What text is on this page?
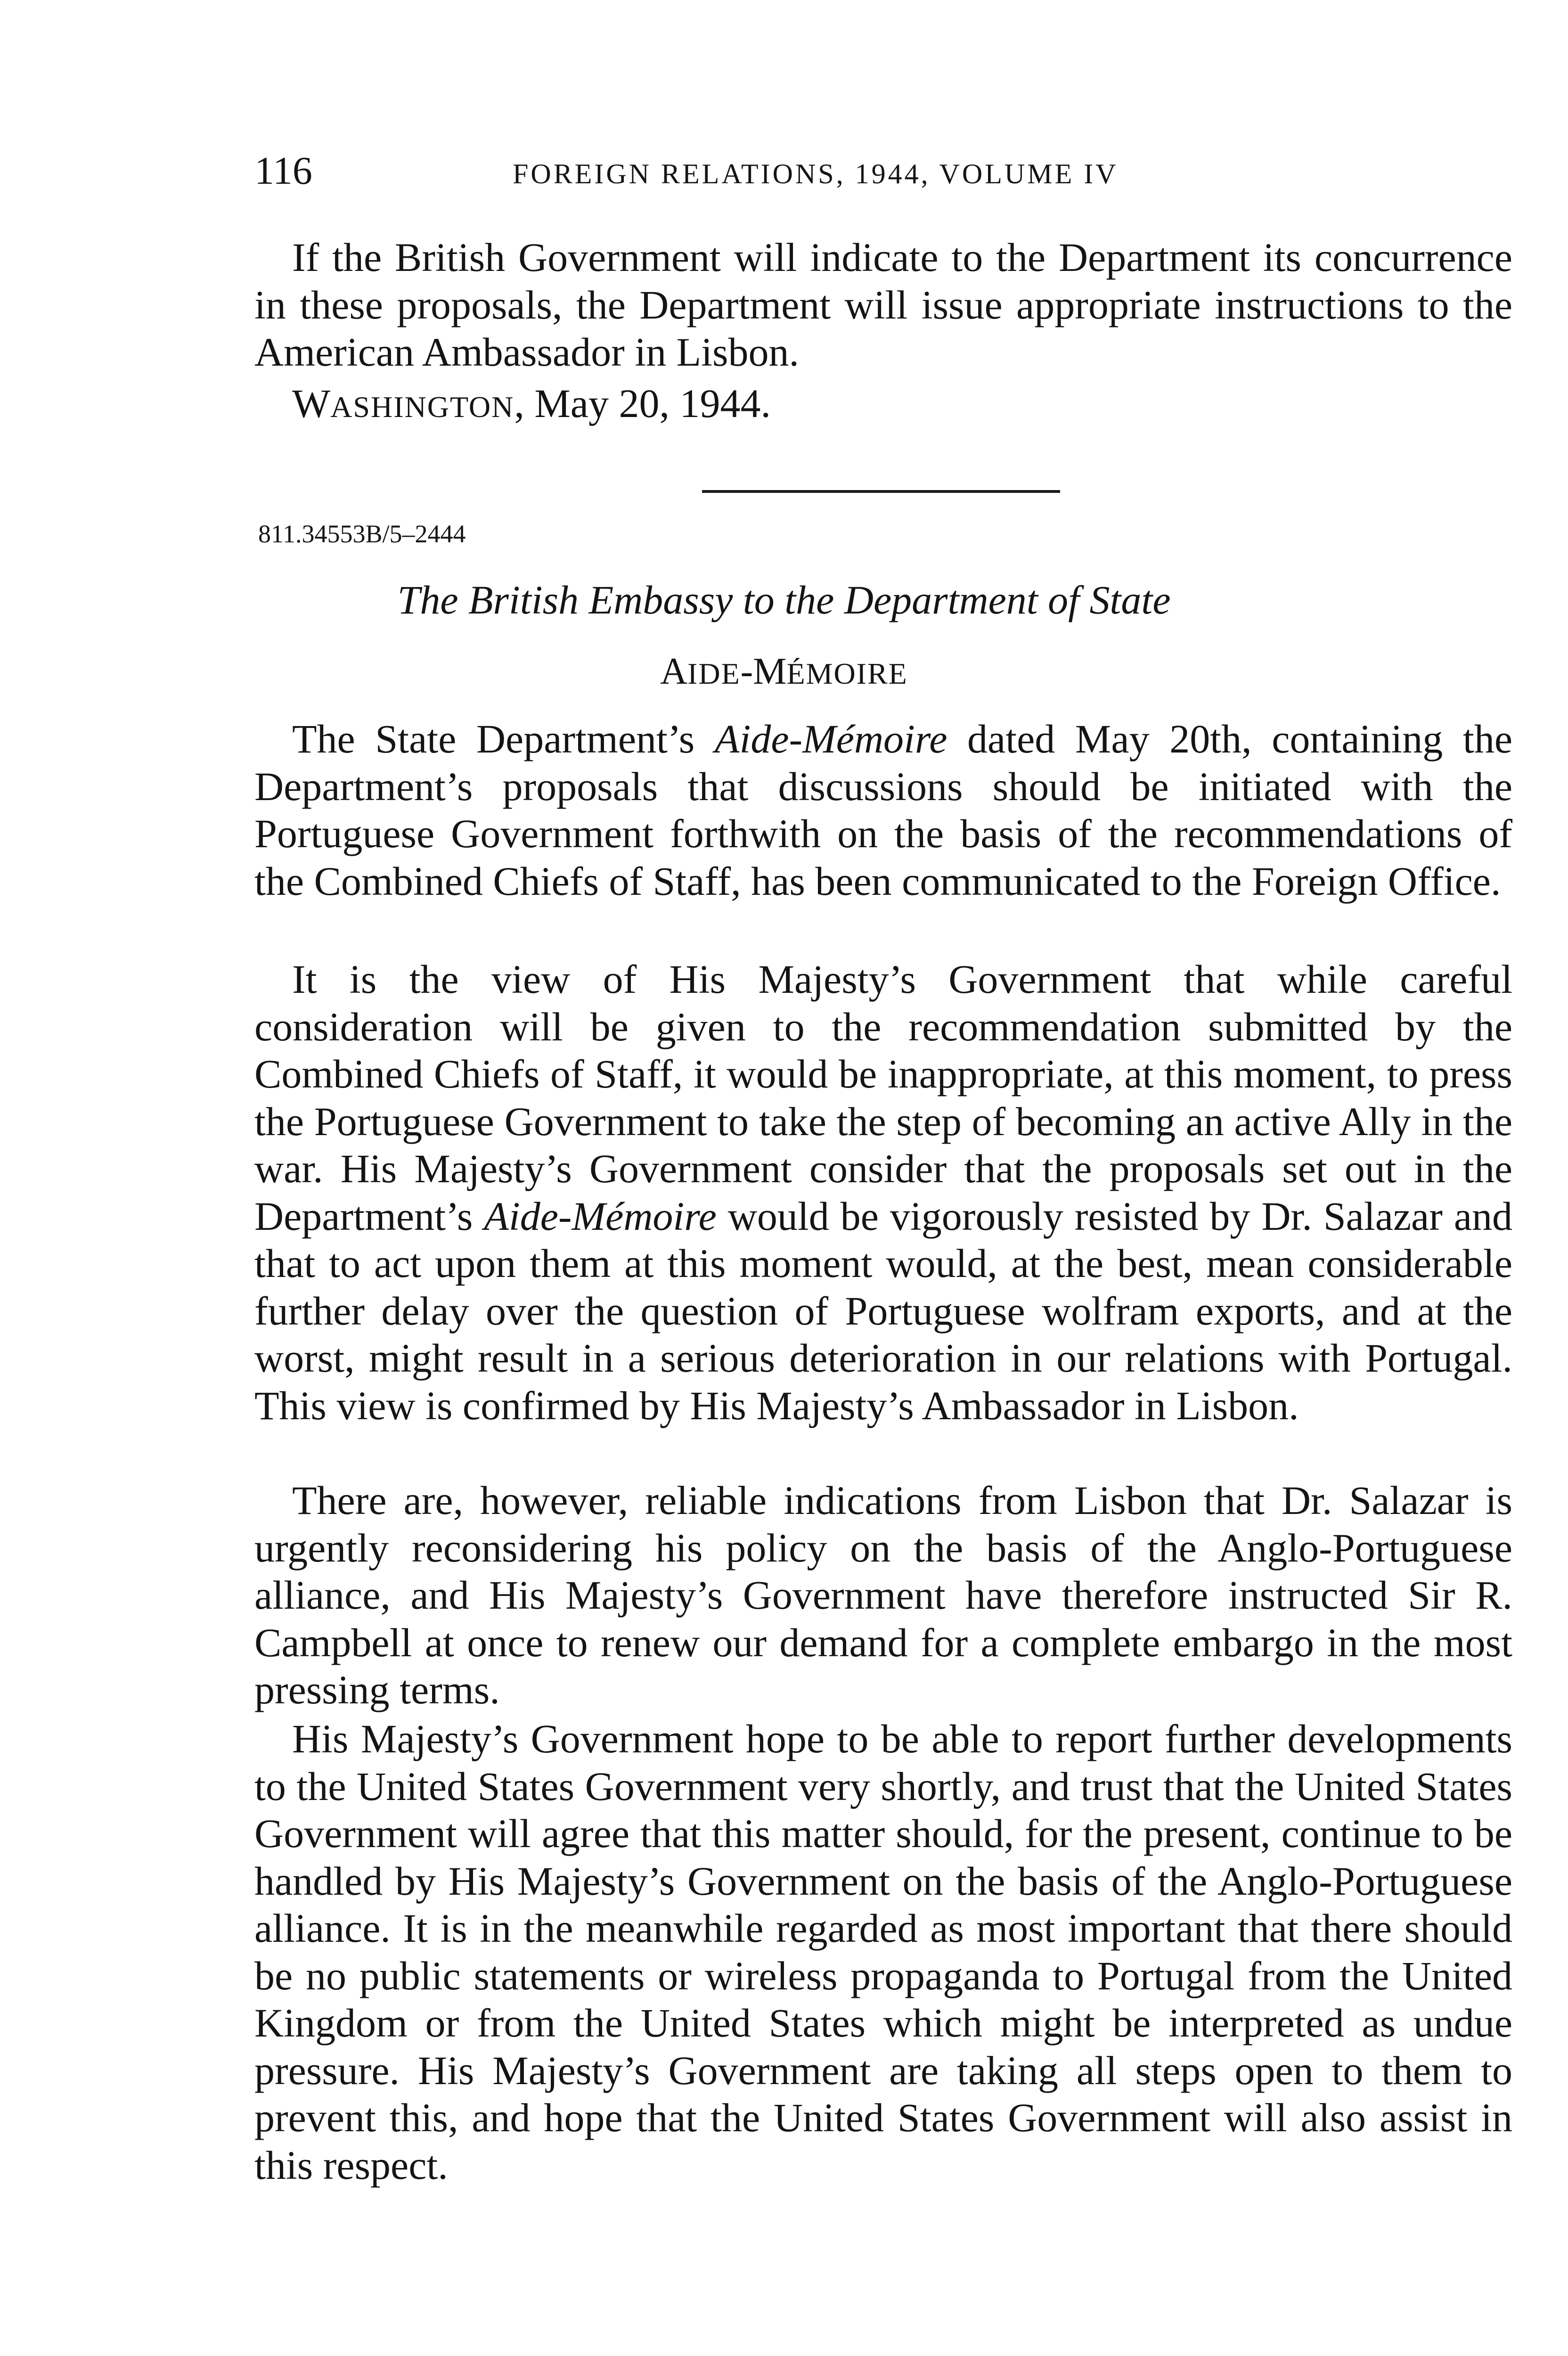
116	FOREIGN RELATIONS, 1944, VOLUME IV

If the British Government will indicate to the Department its concurrence in these proposals, the Department will issue appropriate instructions to the American Ambassador in Lisbon.

WASHINGTON, May 20, 1944.

811.34553B/5–2444

The British Embassy to the Department of State

AIDE-MÉMOIRE

The State Department’s Aide-Mémoire dated May 20th, containing the Department’s proposals that discussions should be initiated with the Portuguese Government forthwith on the basis of the recommendations of the Combined Chiefs of Staff, has been communicated to the Foreign Office.

It is the view of His Majesty’s Government that while careful consideration will be given to the recommendation submitted by the Combined Chiefs of Staff, it would be inappropriate, at this moment, to press the Portuguese Government to take the step of becoming an active Ally in the war. His Majesty’s Government consider that the proposals set out in the Department’s Aide-Mémoire would be vigorously resisted by Dr. Salazar and that to act upon them at this moment would, at the best, mean considerable further delay over the question of Portuguese wolfram exports, and at the worst, might result in a serious deterioration in our relations with Portugal. This view is confirmed by His Majesty’s Ambassador in Lisbon.

There are, however, reliable indications from Lisbon that Dr. Salazar is urgently reconsidering his policy on the basis of the Anglo-Portuguese alliance, and His Majesty’s Government have therefore instructed Sir R. Campbell at once to renew our demand for a complete embargo in the most pressing terms.

His Majesty’s Government hope to be able to report further developments to the United States Government very shortly, and trust that the United States Government will agree that this matter should, for the present, continue to be handled by His Majesty’s Government on the basis of the Anglo-Portuguese alliance. It is in the meanwhile regarded as most important that there should be no public statements or wireless propaganda to Portugal from the United Kingdom or from the United States which might be interpreted as undue pressure. His Majesty’s Government are taking all steps open to them to prevent this, and hope that the United States Government will also assist in this respect.
